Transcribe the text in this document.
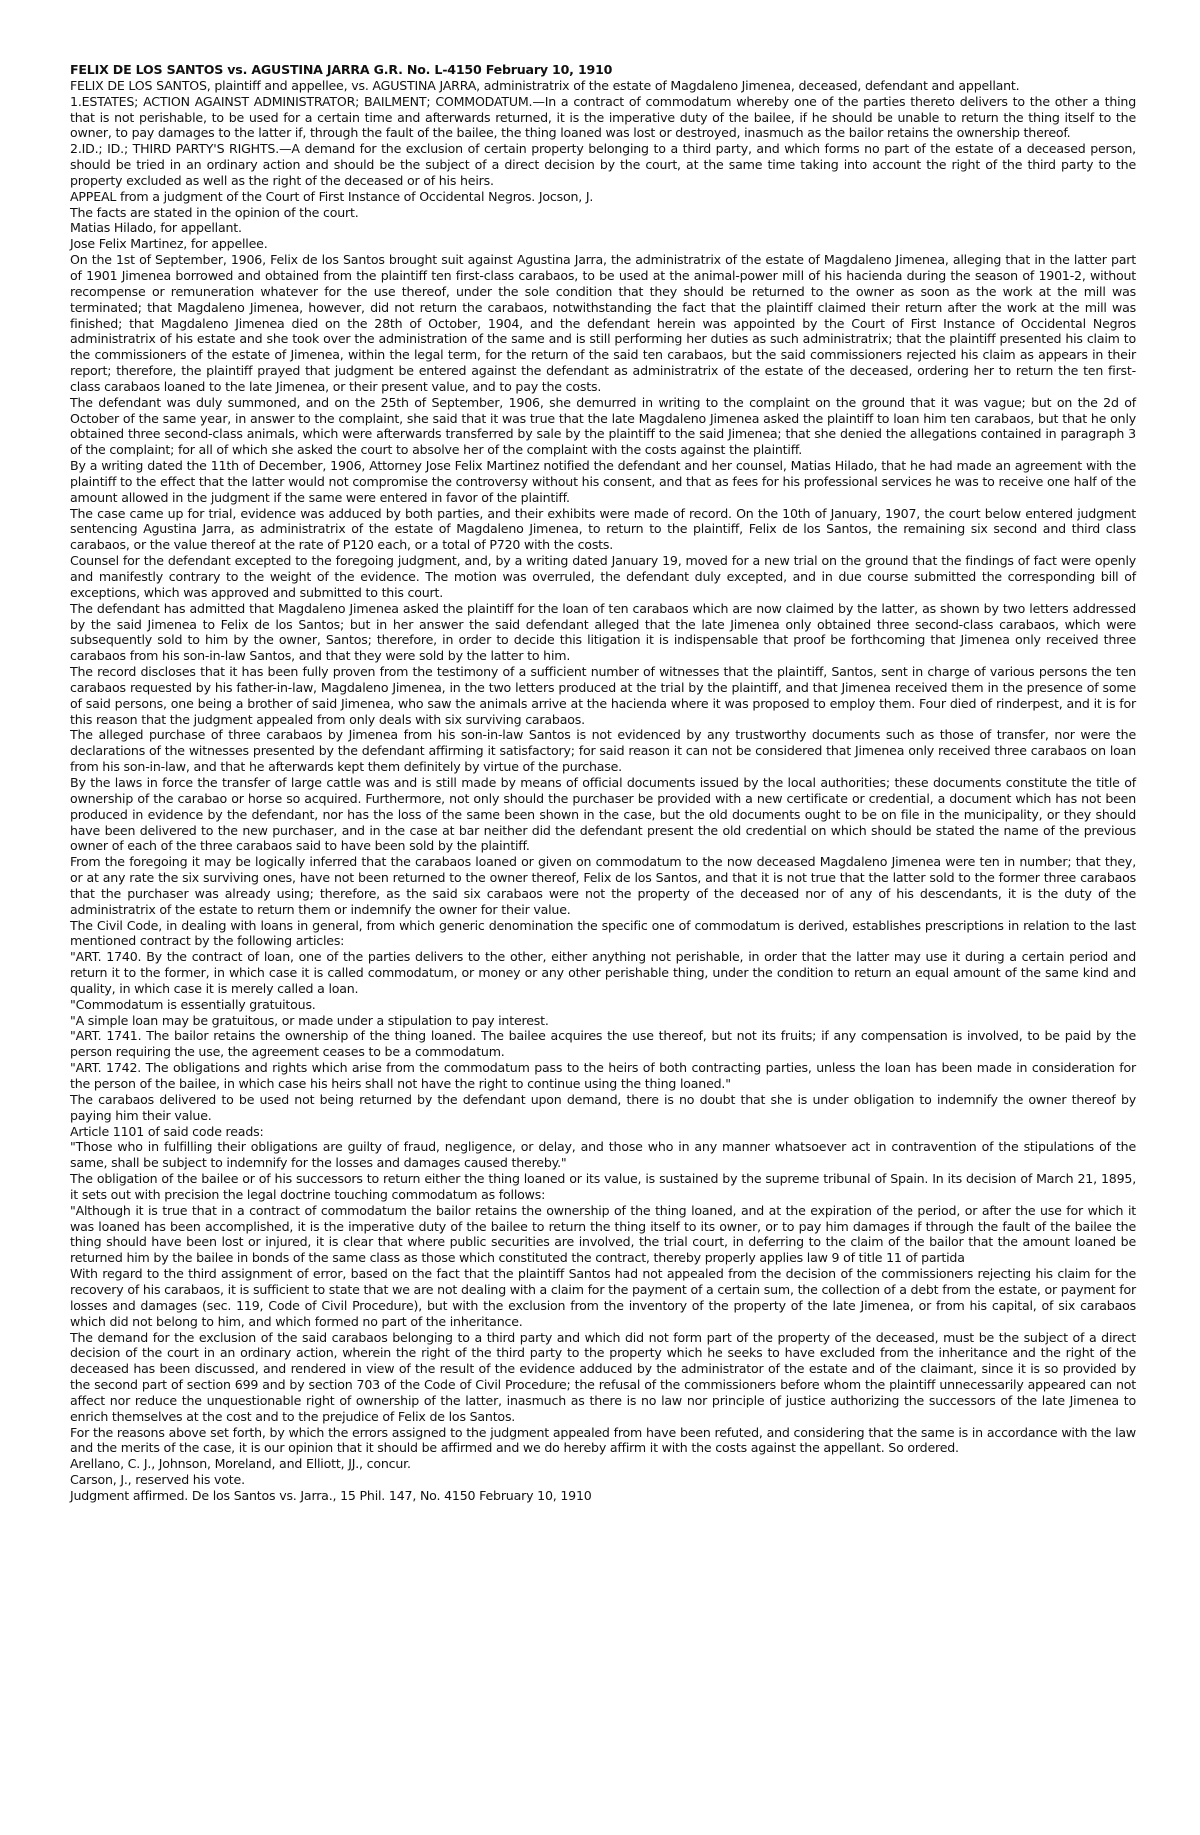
FELIX DE LOS SANTOS vs. AGUSTINA JARRA G.R. No. L-4150 February 10, 1910

FELIX DE LOS SANTOS, plaintiff and appellee, vs. AGUSTINA JARRA, administratrix of the estate of Magdaleno Jimenea, deceased, defendant and appellant.

1.ESTATES; ACTION AGAINST ADMINISTRATOR; BAILMENT; COMMODATUM.—In a contract of commodatum whereby one of the parties thereto delivers to the other a thing that is not perishable, to be used for a certain time and afterwards returned, it is the imperative duty of the bailee, if he should be unable to return the thing itself to the owner, to pay damages to the latter if, through the fault of the bailee, the thing loaned was lost or destroyed, inasmuch as the bailor retains the ownership thereof.

2.ID.; ID.; THIRD PARTY'S RIGHTS.—A demand for the exclusion of certain property belonging to a third party, and which forms no part of the estate of a deceased person, should be tried in an ordinary action and should be the subject of a direct decision by the court, at the same time taking into account the right of the third party to the property excluded as well as the right of the deceased or of his heirs.

APPEAL from a judgment of the Court of First Instance of Occidental Negros. Jocson, J.

The facts are stated in the opinion of the court.

Matias Hilado, for appellant.

Jose Felix Martinez, for appellee.

On the 1st of September, 1906, Felix de los Santos brought suit against Agustina Jarra, the administratrix of the estate of Magdaleno Jimenea, alleging that in the latter part of 1901 Jimenea borrowed and obtained from the plaintiff ten first-class carabaos, to be used at the animal-power mill of his hacienda during the season of 1901-2, without recompense or remuneration whatever for the use thereof, under the sole condition that they should be returned to the owner as soon as the work at the mill was terminated; that Magdaleno Jimenea, however, did not return the carabaos, notwithstanding the fact that the plaintiff claimed their return after the work at the mill was finished; that Magdaleno Jimenea died on the 28th of October, 1904, and the defendant herein was appointed by the Court of First Instance of Occidental Negros administratrix of his estate and she took over the administration of the same and is still performing her duties as such administratrix; that the plaintiff presented his claim to the commissioners of the estate of Jimenea, within the legal term, for the return of the said ten carabaos, but the said commissioners rejected his claim as appears in their report; therefore, the plaintiff prayed that judgment be entered against the defendant as administratrix of the estate of the deceased, ordering her to return the ten first-class carabaos loaned to the late Jimenea, or their present value, and to pay the costs.

The defendant was duly summoned, and on the 25th of September, 1906, she demurred in writing to the complaint on the ground that it was vague; but on the 2d of October of the same year, in answer to the complaint, she said that it was true that the late Magdaleno Jimenea asked the plaintiff to loan him ten carabaos, but that he only obtained three second-class animals, which were afterwards transferred by sale by the plaintiff to the said Jimenea; that she denied the allegations contained in paragraph 3 of the complaint; for all of which she asked the court to absolve her of the complaint with the costs against the plaintiff.

By a writing dated the 11th of December, 1906, Attorney Jose Felix Martinez notified the defendant and her counsel, Matias Hilado, that he had made an agreement with the plaintiff to the effect that the latter would not compromise the controversy without his consent, and that as fees for his professional services he was to receive one half of the amount allowed in the judgment if the same were entered in favor of the plaintiff.

The case came up for trial, evidence was adduced by both parties, and their exhibits were made of record. On the 10th of January, 1907, the court below entered judgment sentencing Agustina Jarra, as administratrix of the estate of Magdaleno Jimenea, to return to the plaintiff, Felix de los Santos, the remaining six second and third class carabaos, or the value thereof at the rate of P120 each, or a total of P720 with the costs.

Counsel for the defendant excepted to the foregoing judgment, and, by a writing dated January 19, moved for a new trial on the ground that the findings of fact were openly and manifestly contrary to the weight of the evidence. The motion was overruled, the defendant duly excepted, and in due course submitted the corresponding bill of exceptions, which was approved and submitted to this court.

The defendant has admitted that Magdaleno Jimenea asked the plaintiff for the loan of ten carabaos which are now claimed by the latter, as shown by two letters addressed by the said Jimenea to Felix de los Santos; but in her answer the said defendant alleged that the late Jimenea only obtained three second-class carabaos, which were subsequently sold to him by the owner, Santos; therefore, in order to decide this litigation it is indispensable that proof be forthcoming that Jimenea only received three carabaos from his son-in-law Santos, and that they were sold by the latter to him.

The record discloses that it has been fully proven from the testimony of a sufficient number of witnesses that the plaintiff, Santos, sent in charge of various persons the ten carabaos requested by his father-in-law, Magdaleno Jimenea, in the two letters produced at the trial by the plaintiff, and that Jimenea received them in the presence of some of said persons, one being a brother of said Jimenea, who saw the animals arrive at the hacienda where it was proposed to employ them. Four died of rinderpest, and it is for this reason that the judgment appealed from only deals with six surviving carabaos.

The alleged purchase of three carabaos by Jimenea from his son-in-law Santos is not evidenced by any trustworthy documents such as those of transfer, nor were the declarations of the witnesses presented by the defendant affirming it satisfactory; for said reason it can not be considered that Jimenea only received three carabaos on loan from his son-in-law, and that he afterwards kept them definitely by virtue of the purchase.

By the laws in force the transfer of large cattle was and is still made by means of official documents issued by the local authorities; these documents constitute the title of ownership of the carabao or horse so acquired. Furthermore, not only should the purchaser be provided with a new certificate or credential, a document which has not been produced in evidence by the defendant, nor has the loss of the same been shown in the case, but the old documents ought to be on file in the municipality, or they should have been delivered to the new purchaser, and in the case at bar neither did the defendant present the old credential on which should be stated the name of the previous owner of each of the three carabaos said to have been sold by the plaintiff.

From the foregoing it may be logically inferred that the carabaos loaned or given on commodatum to the now deceased Magdaleno Jimenea were ten in number; that they, or at any rate the six surviving ones, have not been returned to the owner thereof, Felix de los Santos, and that it is not true that the latter sold to the former three carabaos that the purchaser was already using; therefore, as the said six carabaos were not the property of the deceased nor of any of his descendants, it is the duty of the administratrix of the estate to return them or indemnify the owner for their value.

The Civil Code, in dealing with loans in general, from which generic denomination the specific one of commodatum is derived, establishes prescriptions in relation to the last mentioned contract by the following articles:

"ART. 1740. By the contract of loan, one of the parties delivers to the other, either anything not perishable, in order that the latter may use it during a certain period and return it to the former, in which case it is called commodatum, or money or any other perishable thing, under the condition to return an equal amount of the same kind and quality, in which case it is merely called a loan.

"Commodatum is essentially gratuitous.

"A simple loan may be gratuitous, or made under a stipulation to pay interest.

"ART. 1741. The bailor retains the ownership of the thing loaned. The bailee acquires the use thereof, but not its fruits; if any compensation is involved, to be paid by the person requiring the use, the agreement ceases to be a commodatum.

"ART. 1742. The obligations and rights which arise from the commodatum pass to the heirs of both contracting parties, unless the loan has been made in consideration for the person of the bailee, in which case his heirs shall not have the right to continue using the thing loaned."

The carabaos delivered to be used not being returned by the defendant upon demand, there is no doubt that she is under obligation to indemnify the owner thereof by paying him their value.

Article 1101 of said code reads:

"Those who in fulfilling their obligations are guilty of fraud, negligence, or delay, and those who in any manner whatsoever act in contravention of the stipulations of the same, shall be subject to indemnify for the losses and damages caused thereby."

The obligation of the bailee or of his successors to return either the thing loaned or its value, is sustained by the supreme tribunal of Spain. In its decision of March 21, 1895, it sets out with precision the legal doctrine touching commodatum as follows:

"Although it is true that in a contract of commodatum the bailor retains the ownership of the thing loaned, and at the expiration of the period, or after the use for which it was loaned has been accomplished, it is the imperative duty of the bailee to return the thing itself to its owner, or to pay him damages if through the fault of the bailee the thing should have been lost or injured, it is clear that where public securities are involved, the trial court, in deferring to the claim of the bailor that the amount loaned be returned him by the bailee in bonds of the same class as those which constituted the contract, thereby properly applies law 9 of title 11 of partida

With regard to the third assignment of error, based on the fact that the plaintiff Santos had not appealed from the decision of the commissioners rejecting his claim for the recovery of his carabaos, it is sufficient to state that we are not dealing with a claim for the payment of a certain sum, the collection of a debt from the estate, or payment for losses and damages (sec. 119, Code of Civil Procedure), but with the exclusion from the inventory of the property of the late Jimenea, or from his capital, of six carabaos which did not belong to him, and which formed no part of the inheritance.

The demand for the exclusion of the said carabaos belonging to a third party and which did not form part of the property of the deceased, must be the subject of a direct decision of the court in an ordinary action, wherein the right of the third party to the property which he seeks to have excluded from the inheritance and the right of the deceased has been discussed, and rendered in view of the result of the evidence adduced by the administrator of the estate and of the claimant, since it is so provided by the second part of section 699 and by section 703 of the Code of Civil Procedure; the refusal of the commissioners before whom the plaintiff unnecessarily appeared can not affect nor reduce the unquestionable right of ownership of the latter, inasmuch as there is no law nor principle of justice authorizing the successors of the late Jimenea to enrich themselves at the cost and to the prejudice of Felix de los Santos.

For the reasons above set forth, by which the errors assigned to the judgment appealed from have been refuted, and considering that the same is in accordance with the law and the merits of the case, it is our opinion that it should be affirmed and we do hereby affirm it with the costs against the appellant. So ordered.

Arellano, C. J., Johnson, Moreland, and Elliott, JJ., concur.

Carson, J., reserved his vote.

Judgment affirmed. De los Santos vs. Jarra., 15 Phil. 147, No. 4150 February 10, 1910
